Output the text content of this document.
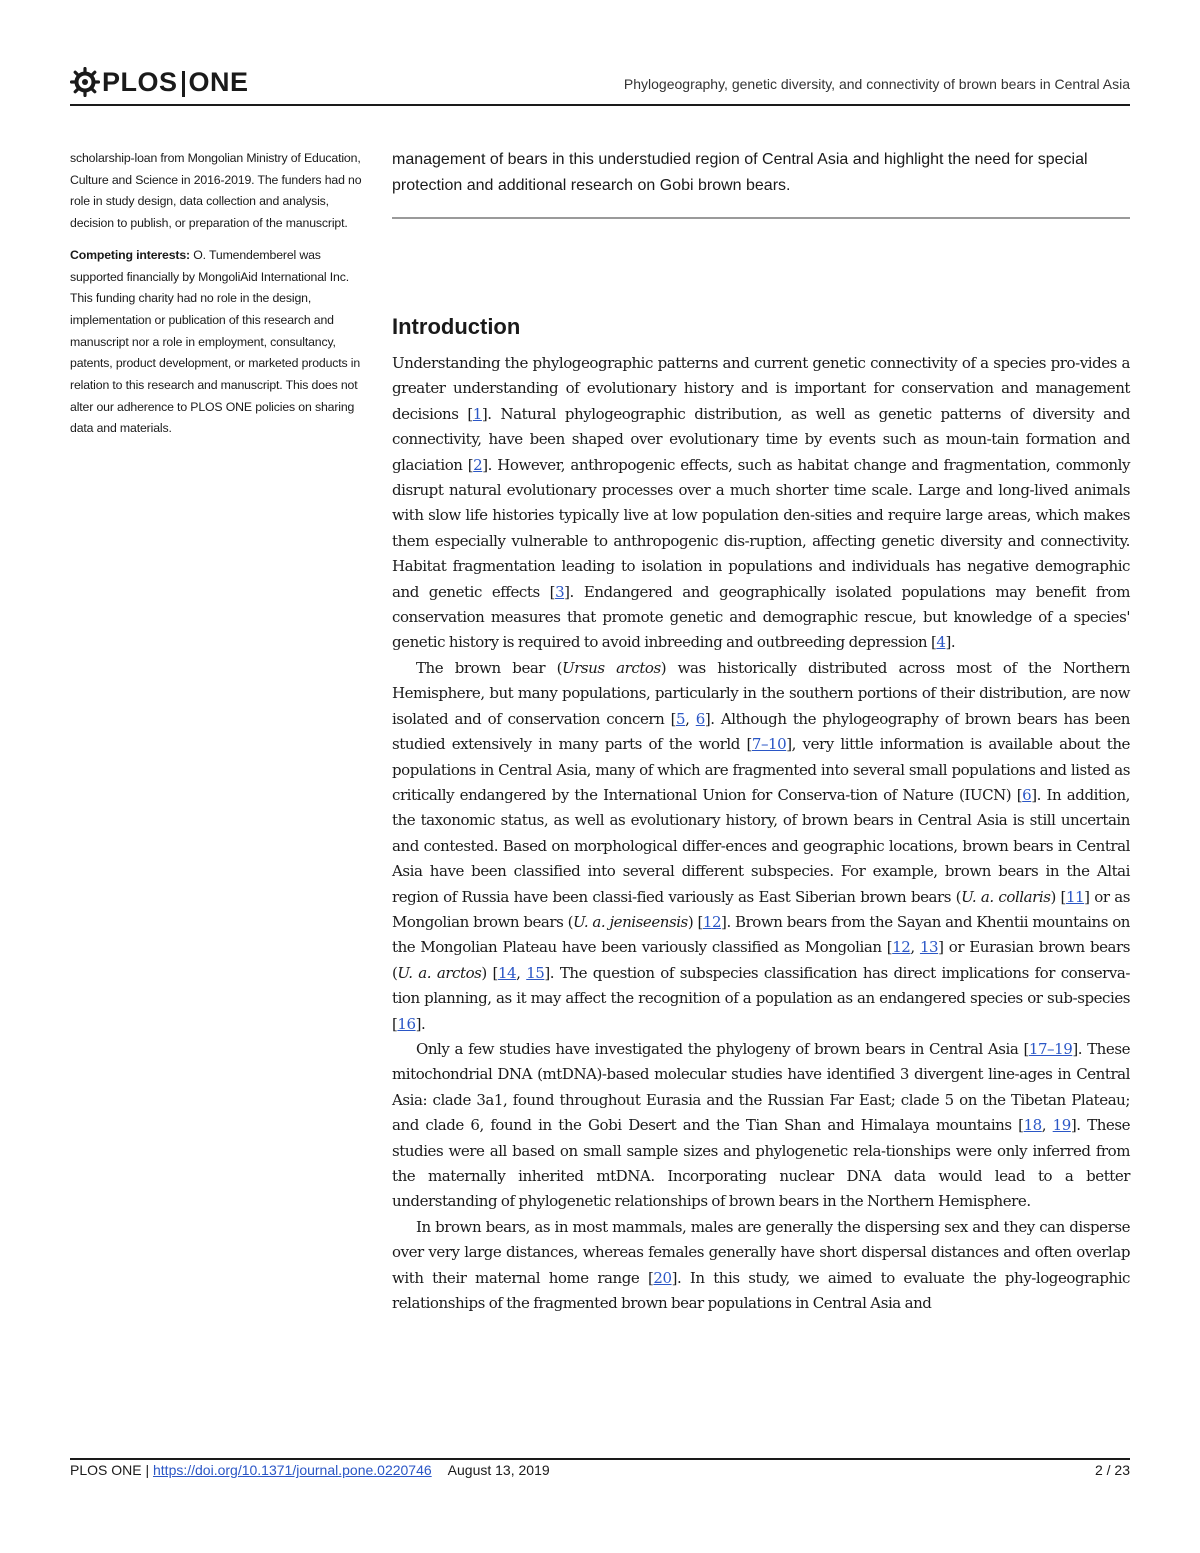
PLOS ONE	Phylogeography, genetic diversity, and connectivity of brown bears in Central Asia

scholarship-loan from Mongolian Ministry of Education, Culture and Science in 2016-2019. The funders had no role in study design, data collection and analysis, decision to publish, or preparation of the manuscript.

Competing interests: O. Tumendemberel was supported financially by MongoliAid International Inc. This funding charity had no role in the design, implementation or publication of this research and manuscript nor a role in employment, consultancy, patents, product development, or marketed products in relation to this research and manuscript. This does not alter our adherence to PLOS ONE policies on sharing data and materials.

management of bears in this understudied region of Central Asia and highlight the need for special protection and additional research on Gobi brown bears.

Introduction

Understanding the phylogeographic patterns and current genetic connectivity of a species pro-vides a greater understanding of evolutionary history and is important for conservation and management decisions [1]. Natural phylogeographic distribution, as well as genetic patterns of diversity and connectivity, have been shaped over evolutionary time by events such as moun-tain formation and glaciation [2]. However, anthropogenic effects, such as habitat change and fragmentation, commonly disrupt natural evolutionary processes over a much shorter time scale. Large and long-lived animals with slow life histories typically live at low population den-sities and require large areas, which makes them especially vulnerable to anthropogenic dis-ruption, affecting genetic diversity and connectivity. Habitat fragmentation leading to isolation in populations and individuals has negative demographic and genetic effects [3]. Endangered and geographically isolated populations may benefit from conservation measures that promote genetic and demographic rescue, but knowledge of a species' genetic history is required to avoid inbreeding and outbreeding depression [4].

The brown bear (Ursus arctos) was historically distributed across most of the Northern Hemisphere, but many populations, particularly in the southern portions of their distribution, are now isolated and of conservation concern [5, 6]. Although the phylogeography of brown bears has been studied extensively in many parts of the world [7–10], very little information is available about the populations in Central Asia, many of which are fragmented into several small populations and listed as critically endangered by the International Union for Conserva-tion of Nature (IUCN) [6]. In addition, the taxonomic status, as well as evolutionary history, of brown bears in Central Asia is still uncertain and contested. Based on morphological differ-ences and geographic locations, brown bears in Central Asia have been classified into several different subspecies. For example, brown bears in the Altai region of Russia have been classi-fied variously as East Siberian brown bears (U. a. collaris) [11] or as Mongolian brown bears (U. a. jeniseensis) [12]. Brown bears from the Sayan and Khentii mountains on the Mongolian Plateau have been variously classified as Mongolian [12, 13] or Eurasian brown bears (U. a. arctos) [14, 15]. The question of subspecies classification has direct implications for conserva-tion planning, as it may affect the recognition of a population as an endangered species or sub-species [16].

Only a few studies have investigated the phylogeny of brown bears in Central Asia [17–19]. These mitochondrial DNA (mtDNA)-based molecular studies have identified 3 divergent line-ages in Central Asia: clade 3a1, found throughout Eurasia and the Russian Far East; clade 5 on the Tibetan Plateau; and clade 6, found in the Gobi Desert and the Tian Shan and Himalaya mountains [18, 19]. These studies were all based on small sample sizes and phylogenetic rela-tionships were only inferred from the maternally inherited mtDNA. Incorporating nuclear DNA data would lead to a better understanding of phylogenetic relationships of brown bears in the Northern Hemisphere.

In brown bears, as in most mammals, males are generally the dispersing sex and they can disperse over very large distances, whereas females generally have short dispersal distances and often overlap with their maternal home range [20]. In this study, we aimed to evaluate the phy-logeographic relationships of the fragmented brown bear populations in Central Asia and

PLOS ONE | https://doi.org/10.1371/journal.pone.0220746 August 13, 2019	2 / 23
